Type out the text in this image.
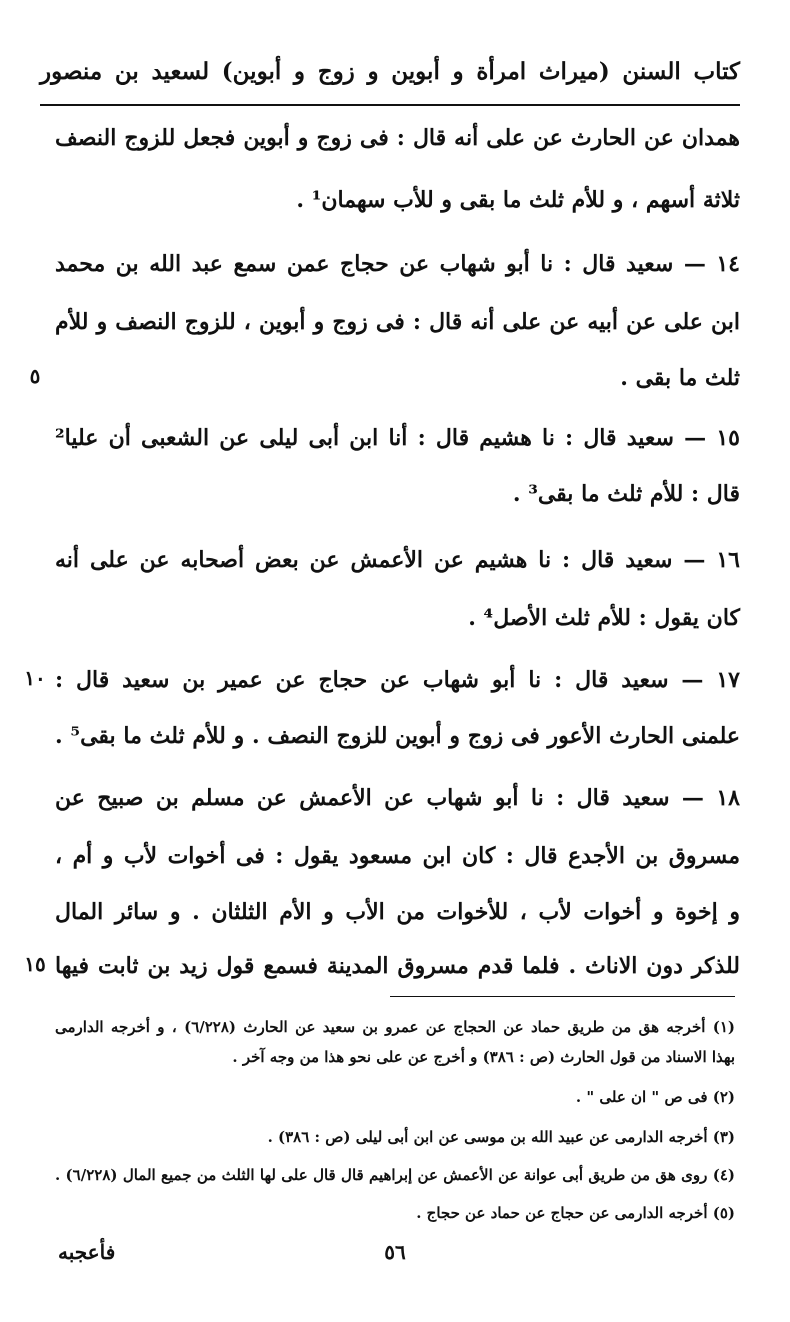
كتاب السنن (ميراث امرأة و أبوين و زوج و أبوين) لسعيد بن منصور
همدان عن الحارث عن على أنه قال : فى زوج و أبوين فجعل للزوج النصف
ثلاثة أسهم ، و للأم ثلث ما بقى و للأب سهمان¹ .
١٤ — سعيد قال : نا أبو شهاب عن حجاج عمن سمع عبد الله بن محمد
ابن على عن أبيه عن على أنه قال : فى زوج و أبوين ، للزوج النصف و للأم
ثلث ما بقى .
١٥ — سعيد قال : نا هشيم قال : أنا ابن أبى ليلى عن الشعبى أن عليا²
قال : للأم ثلث ما بقى³ .
١٦ — سعيد قال : نا هشيم عن الأعمش عن بعض أصحابه عن على أنه
كان يقول : للأم ثلث الأصل⁴ .
١٧ — سعيد قال : نا أبو شهاب عن حجاج عن عمير بن سعيد قال :
علمنى الحارث الأعور فى زوج و أبوين للزوج النصف . و للأم ثلث ما بقى⁵ .
١٨ — سعيد قال : نا أبو شهاب عن الأعمش عن مسلم بن صبيح عن
مسروق بن الأجدع قال : كان ابن مسعود يقول : فى أخوات لأب و أم ،
و إخوة و أخوات لأب ، للأخوات من الأب و الأم الثلثان . و سائر المال
للذكر دون الاناث . فلما قدم مسروق المدينة فسمع قول زيد بن ثابت فيها
٥
١٠
١٥
(١) أخرجه هق من طريق حماد عن الحجاج عن عمرو بن سعيد عن الحارث (٦/٢٢٨) ، و أخرجه الدارمى
بهذا الاسناد من قول الحارث (ص : ٣٨٦) و أخرج عن على نحو هذا من وجه آخر .
(٢) فى ص " ان على " .
(٣) أخرجه الدارمى عن عبيد الله بن موسى عن ابن أبى ليلى (ص : ٣٨٦) .
(٤) روى هق من طريق أبى عوانة عن الأعمش عن إبراهيم قال قال على لها الثلث من جميع المال (٦/٢٢٨) .
(٥) أخرجه الدارمى عن حجاج عن حماد عن حجاج .
٥٦
فأعجبه
